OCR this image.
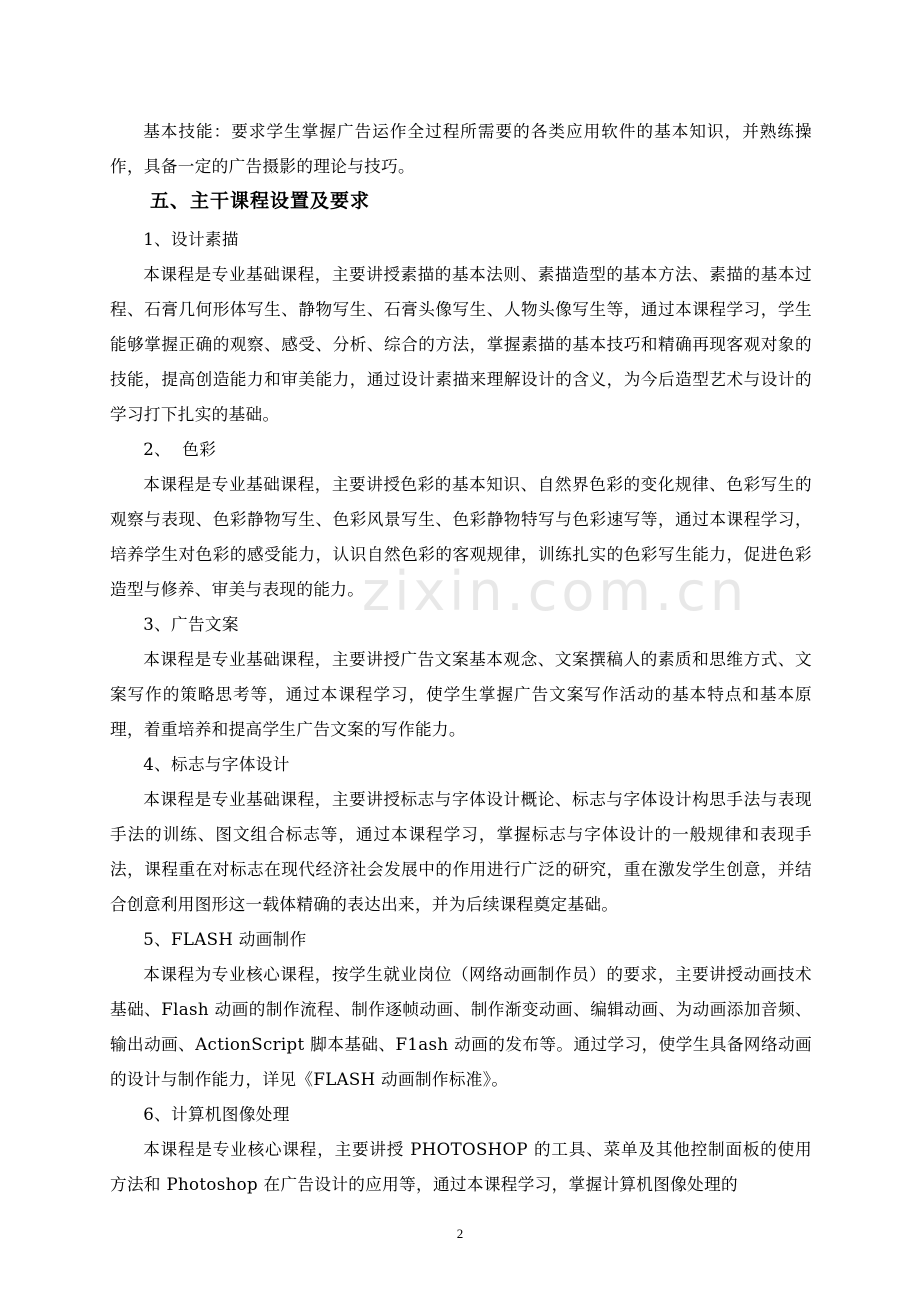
基本技能：要求学生掌握广告运作全过程所需要的各类应用软件的基本知识，并熟练操作，具备一定的广告摄影的理论与技巧。

五、主干课程设置及要求

1、设计素描

本课程是专业基础课程，主要讲授素描的基本法则、素描造型的基本方法、素描的基本过程、石膏几何形体写生、静物写生、石膏头像写生、人物头像写生等，通过本课程学习，学生能够掌握正确的观察、感受、分析、综合的方法，掌握素描的基本技巧和精确再现客观对象的技能，提高创造能力和审美能力，通过设计素描来理解设计的含义，为今后造型艺术与设计的学习打下扎实的基础。

2、  色彩

本课程是专业基础课程，主要讲授色彩的基本知识、自然界色彩的变化规律、色彩写生的观察与表现、色彩静物写生、色彩风景写生、色彩静物特写与色彩速写等，通过本课程学习，培养学生对色彩的感受能力，认识自然色彩的客观规律，训练扎实的色彩写生能力，促进色彩造型与修养、审美与表现的能力。

3、广告文案

本课程是专业基础课程，主要讲授广告文案基本观念、文案撰稿人的素质和思维方式、文案写作的策略思考等，通过本课程学习，使学生掌握广告文案写作活动的基本特点和基本原理，着重培养和提高学生广告文案的写作能力。

4、标志与字体设计

本课程是专业基础课程，主要讲授标志与字体设计概论、标志与字体设计构思手法与表现手法的训练、图文组合标志等，通过本课程学习，掌握标志与字体设计的一般规律和表现手法，课程重在对标志在现代经济社会发展中的作用进行广泛的研究，重在激发学生创意，并结合创意利用图形这一载体精确的表达出来，并为后续课程奠定基础。

5、FLASH 动画制作

本课程为专业核心课程，按学生就业岗位（网络动画制作员）的要求，主要讲授动画技术基础、Flash 动画的制作流程、制作逐帧动画、制作渐变动画、编辑动画、为动画添加音频、输出动画、ActionScript 脚本基础、F1ash 动画的发布等。通过学习，使学生具备网络动画的设计与制作能力，详见《FLASH 动画制作标准》。

6、计算机图像处理

本课程是专业核心课程，主要讲授 PHOTOSHOP 的工具、菜单及其他控制面板的使用方法和 Photoshop 在广告设计的应用等，通过本课程学习，掌握计算机图像处理的

zixin.com.cn
2
